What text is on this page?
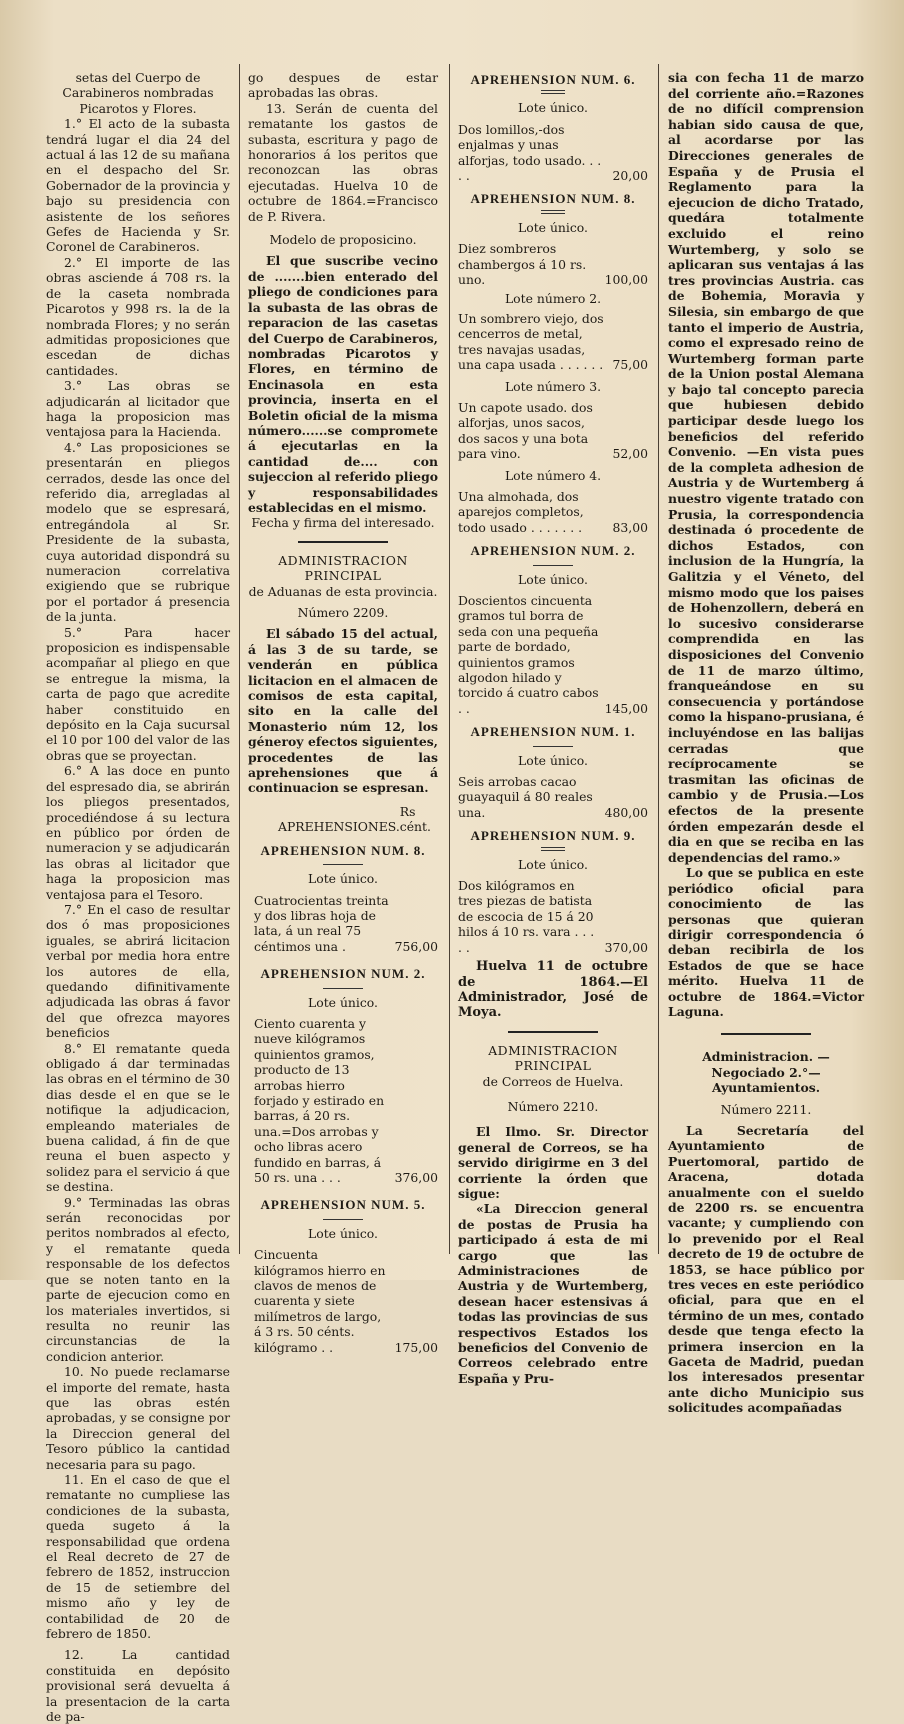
setas del Cuerpo de Carabineros nombradas Picarotos y Flores.

1.° El acto de la subasta tendrá lugar el dia 24 del actual á las 12 de su mañana en el despacho del Sr. Gobernador de la provincia y bajo su presidencia con asistente de los señores Gefes de Hacienda y Sr. Coronel de Carabineros.

2.° El importe de las obras asciende á 708 rs. la de la caseta nombrada Picarotos y 998 rs. la de la nombrada Flores; y no serán admitidas proposiciones que escedan de dichas cantidades.

3.° Las obras se adjudicarán al licitador que haga la proposicion mas ventajosa para la Hacienda.

4.° Las proposiciones se presentarán en pliegos cerrados, desde las once del referido dia, arregladas al modelo que se espresará, entregándola al Sr. Presidente de la subasta, cuya autoridad dispondrá su numeracion correlativa exigiendo que se rubrique por el portador á presencia de la junta.

5.° Para hacer proposicion es indispensable acompañar al pliego en que se entregue la misma, la carta de pago que acredite haber constituido en depósito en la Caja sucursal el 10 por 100 del valor de las obras que se proyectan.

6.° A las doce en punto del espresado dia, se abrirán los pliegos presentados, procediéndose á su lectura en público por órden de numeracion y se adjudicarán las obras al licitador que haga la proposicion mas ventajosa para el Tesoro.

7.° En el caso de resultar dos ó mas proposiciones iguales, se abrirá licitacion verbal por media hora entre los autores de ella, quedando difinitivamente adjudicada las obras á favor del que ofrezca mayores beneficios

8.° El rematante queda obligado á dar terminadas las obras en el término de 30 dias desde el en que se le notifique la adjudicacion, empleando materiales de buena calidad, á fin de que reuna el buen aspecto y solidez para el servicio á que se destina.

9.° Terminadas las obras serán reconocidas por peritos nombrados al efecto, y el rematante queda responsable de los defectos que se noten tanto en la parte de ejecucion como en los materiales invertidos, si resulta no reunir las circunstancias de la condicion anterior.

10. No puede reclamarse el importe del remate, hasta que las obras estén aprobadas, y se consigne por la Direccion general del Tesoro público la cantidad necesaria para su pago.

11. En el caso de que el rematante no cumpliese las condiciones de la subasta, queda sugeto á la responsabilidad que ordena el Real decreto de 27 de febrero de 1852, instruccion de 15 de setiembre del mismo año y ley de contabilidad de 20 de febrero de 1850.

12. La cantidad constituida en depósito provisional será devuelta á la presentacion de la carta de pa-

go despues de estar aprobadas las obras.

13. Serán de cuenta del rematante los gastos de subasta, escritura y pago de honorarios á los peritos que reconozcan las obras ejecutadas. Huelva 10 de octubre de 1864.=Francisco de P. Rivera.

Modelo de proposicino.

El que suscribe vecino de .......bien enterado del pliego de condiciones para la subasta de las obras de reparacion de las casetas del Cuerpo de Carabineros, nombradas Picarotos y Flores, en término de Encinasola en esta provincia, inserta en el Boletin oficial de la misma número......se compromete á ejecutarlas en la cantidad de.... con sujeccion al referido pliego y responsabilidades establecidas en el mismo.

Fecha y firma del interesado.

ADMINISTRACION PRINCIPAL

de Aduanas de esta provincia.

Número 2209.

El sábado 15 del actual, á las 3 de su tarde, se venderán en pública licitacion en el almacen de comisos de esta capital, sito en la calle del Monasterio núm 12, los géneroy efectos siguientes, procedentes de las aprehensiones que á continuacion se espresan.

APREHENSIONES.
Rs cént.

APREHENSION NUM. 8.

Lote único.

Cuatrocientas treinta y dos libras hoja de lata, á un real 75 céntimos una .	756,00

APREHENSION NUM. 2.

Lote único.

Ciento cuarenta y nueve kilógramos quinientos gramos, producto de 13 arrobas hierro forjado y estirado en barras, á 20 rs. una.=Dos arrobas y ocho libras acero fundido en barras, á 50 rs. una . . .	376,00

APREHENSION NUM. 5.

Lote único.

Cincuenta kilógramos hierro en clavos de menos de cuarenta y siete milímetros de largo, á 3 rs. 50 cénts. kilógramo . .	175,00

APREHENSION NUM. 6.

Lote único.

Dos lomillos,-dos enjalmas y unas alforjas, todo usado. . . . .	20,00

APREHENSION NUM. 8.

Lote único.

Diez sombreros chambergos á 10 rs. uno.	100,00

Lote número 2.

Un sombrero viejo, dos cencerros de metal, tres navajas usadas, una capa usada . . . . . . 75,00

Lote número 3.

Un capote usado. dos alforjas, unos sacos, dos sacos y una bota para vino.	52,00

Lote número 4.

Una almohada, dos aparejos completos, todo usado . . . . . . .	83,00

APREHENSION NUM. 2.

Lote único.

Doscientos cincuenta gramos tul borra de seda con una pequeña parte de bordado, quinientos gramos algodon hilado y torcido á cuatro cabos . .	145,00

APREHENSION NUM. 1.

Lote único.

Seis arrobas cacao guayaquil á 80 reales una.	480,00

APREHENSION NUM. 9.

Lote único.

Dos kilógramos en tres piezas de batista de escocia de 15 á 20 hilos á 10 rs. vara . . . . .	370,00

Huelva 11 de octubre de 1864.—El Administrador, José de Moya.

ADMINISTRACION PRINCIPAL

de Correos de Huelva.

Número 2210.

El Ilmo. Sr. Director general de Correos, se ha servido dirigirme en 3 del corriente la órden que sigue:

«La Direccion general de postas de Prusia ha participado á esta de mi cargo que las Administraciones de Austria y de Wurtemberg, desean hacer estensivas á todas las provincias de sus respectivos Estados los beneficios del Convenio de Correos celebrado entre España y Pru-

sia con fecha 11 de marzo del corriente año.=Razones de no difícil comprension habian sido causa de que, al acordarse por las Direcciones generales de España y de Prusia el Reglamento para la ejecucion de dicho Tratado, quedára totalmente excluido el reino Wurtemberg, y solo se aplicaran sus ventajas á las tres provincias Austria. cas de Bohemia, Moravia y Silesia, sin embargo de que tanto el imperio de Austria, como el expresado reino de Wurtemberg forman parte de la Union postal Alemana y bajo tal concepto parecia que hubiesen debido participar desde luego los beneficios del referido Convenio. —En vista pues de la completa adhesion de Austria y de Wurtemberg á nuestro vigente tratado con Prusia, la correspondencia destinada ó procedente de dichos Estados, con inclusion de la Hungría, la Galitzia y el Véneto, del mismo modo que los paises de Hohenzollern, deberá en lo sucesivo considerarse comprendida en las disposiciones del Convenio de 11 de marzo último, franqueándose en su consecuencia y portándose como la hispano-prusiana, é incluyéndose en las balijas cerradas que recíprocamente se trasmitan las oficinas de cambio y de Prusia.—Los efectos de la presente órden empezarán desde el dia en que se reciba en las dependencias del ramo.»

Lo que se publica en este periódico oficial para conocimiento de las personas que quieran dirigir correspondencia ó deban recibirla de los Estados de que se hace mérito. Huelva 11 de octubre de 1864.=Victor Laguna.

Administracion. — Negociado 2.°—Ayuntamientos.

Número 2211.

La Secretaría del Ayuntamiento de Puertomoral, partido de Aracena, dotada anualmente con el sueldo de 2200 rs. se encuentra vacante; y cumpliendo con lo prevenido por el Real decreto de 19 de octubre de 1853, se hace público por tres veces en este periódico oficial, para que en el término de un mes, contado desde que tenga efecto la primera insercion en la Gaceta de Madrid, puedan los interesados presentar ante dicho Municipio sus solicitudes acompañadas
